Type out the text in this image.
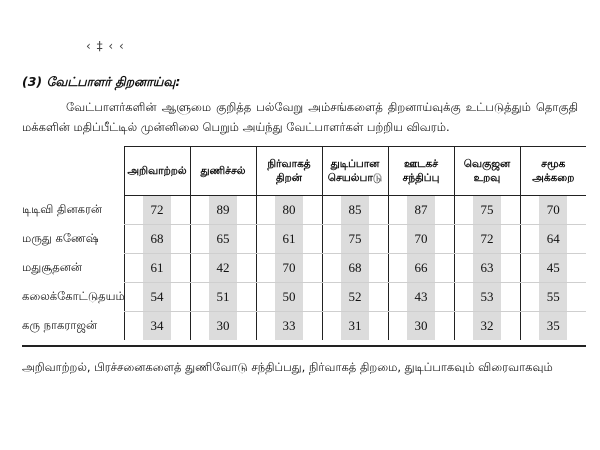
‹ ‡ ‹ ‹
(3) வேட்பாளர் திறனாய்வு:

வேட்பாளர்களின் ஆளுமை குறித்த பல்வேறு அம்சங்களைத் திறனாய்வுக்கு உட்படுத்தும் தொகுதி மக்களின் மதிப்பீட்டில் முன்னிலை பெறும் அய்ந்து வேட்பாளர்கள் பற்றிய விவரம்.

	அறிவாற்றல்	துணிச்சல்	நிர்வாகத் திறன்	துடிப்பான செயல்பாடு	ஊடகச் சந்திப்பு	வெகுஜன உறவு	சமூக அக்கறை
டிடிவி தினகரன்	72	89	80	85	87	75	70
மருது கணேஷ்	68	65	61	75	70	72	64
மதுசூதனன்	61	42	70	68	66	63	45
கலைக்கோட்டுதயம்	54	51	50	52	43	53	55
கரு நாகராஜன்	34	30	33	31	30	32	35

அறிவாற்றல், பிரச்சனைகளைத் துணிவோடு சந்திப்பது, நிர்வாகத் திறமை, துடிப்பாகவும் விரைவாகவும்
